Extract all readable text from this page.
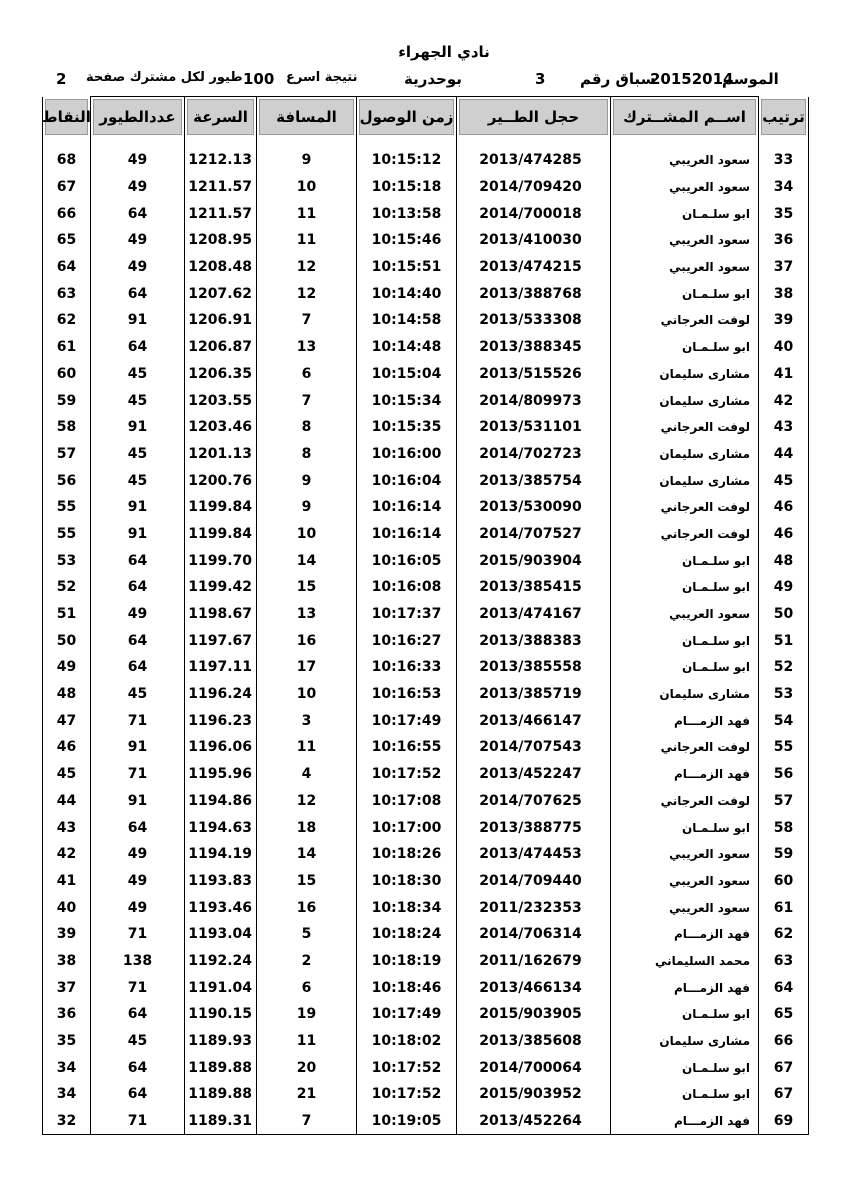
نادي الجهراء
الموسم
20152014
سباق رقم
3
بوحدرية
نتيجة اسرع
100
طيور لكل مشترك صفحة
2
ترتيب	اســم المشــترك	حجل الطــير	زمن الوصول	المسافة	السرعة	عددالطيور	النقاط

33	سعود العريبي	2013/474285	10:15:12	9	1212.13	49	68
34	سعود العريبي	2014/709420	10:15:18	10	1211.57	49	67
35	ابو سلـمـان	2014/700018	10:13:58	11	1211.57	64	66
36	سعود العريبي	2013/410030	10:15:46	11	1208.95	49	65
37	سعود العريبي	2013/474215	10:15:51	12	1208.48	49	64
38	ابو سلـمـان	2013/388768	10:14:40	12	1207.62	64	63
39	لوفت العرجاني	2013/533308	10:14:58	7	1206.91	91	62
40	ابو سلـمـان	2013/388345	10:14:48	13	1206.87	64	61
41	مشارى سليمان	2013/515526	10:15:04	6	1206.35	45	60
42	مشارى سليمان	2014/809973	10:15:34	7	1203.55	45	59
43	لوفت العرجاني	2013/531101	10:15:35	8	1203.46	91	58
44	مشارى سليمان	2014/702723	10:16:00	8	1201.13	45	57
45	مشارى سليمان	2013/385754	10:16:04	9	1200.76	45	56
46	لوفت العرجاني	2013/530090	10:16:14	9	1199.84	91	55
46	لوفت العرجاني	2014/707527	10:16:14	10	1199.84	91	55
48	ابو سلـمـان	2015/903904	10:16:05	14	1199.70	64	53
49	ابو سلـمـان	2013/385415	10:16:08	15	1199.42	64	52
50	سعود العريبي	2013/474167	10:17:37	13	1198.67	49	51
51	ابو سلـمـان	2013/388383	10:16:27	16	1197.67	64	50
52	ابو سلـمـان	2013/385558	10:16:33	17	1197.11	64	49
53	مشارى سليمان	2013/385719	10:16:53	10	1196.24	45	48
54	فهد الزمـــام	2013/466147	10:17:49	3	1196.23	71	47
55	لوفت العرجاني	2014/707543	10:16:55	11	1196.06	91	46
56	فهد الزمـــام	2013/452247	10:17:52	4	1195.96	71	45
57	لوفت العرجاني	2014/707625	10:17:08	12	1194.86	91	44
58	ابو سلـمـان	2013/388775	10:17:00	18	1194.63	64	43
59	سعود العريبي	2013/474453	10:18:26	14	1194.19	49	42
60	سعود العريبي	2014/709440	10:18:30	15	1193.83	49	41
61	سعود العريبي	2011/232353	10:18:34	16	1193.46	49	40
62	فهد الزمـــام	2014/706314	10:18:24	5	1193.04	71	39
63	محمد السليماني	2011/162679	10:18:19	2	1192.24	138	38
64	فهد الزمـــام	2013/466134	10:18:46	6	1191.04	71	37
65	ابو سلـمـان	2015/903905	10:17:49	19	1190.15	64	36
66	مشارى سليمان	2013/385608	10:18:02	11	1189.93	45	35
67	ابو سلـمـان	2014/700064	10:17:52	20	1189.88	64	34
67	ابو سلـمـان	2015/903952	10:17:52	21	1189.88	64	34
69	فهد الزمـــام	2013/452264	10:19:05	7	1189.31	71	32
